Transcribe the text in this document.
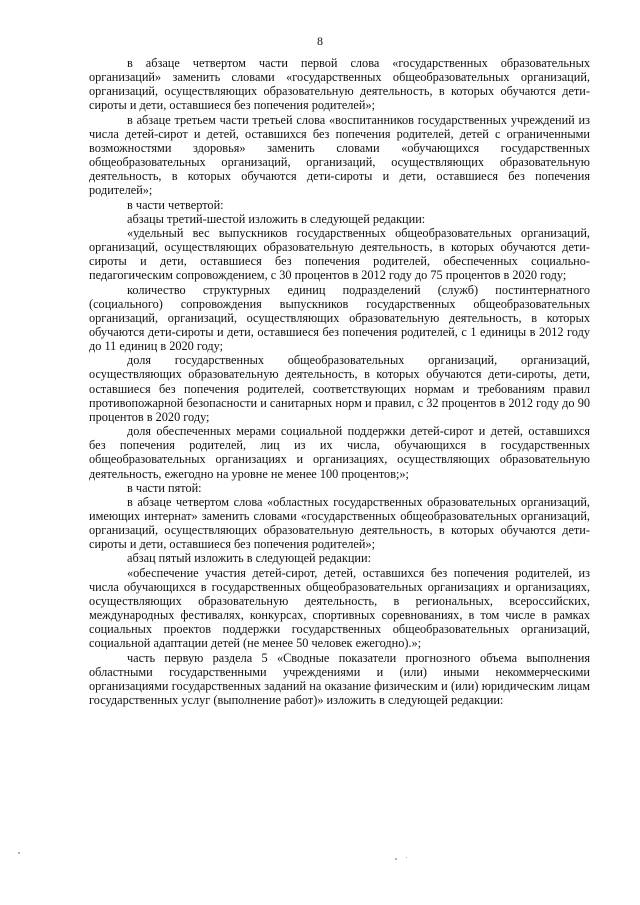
8

в абзаце четвертом части первой слова «государственных образовательных организаций» заменить словами «государственных общеобразовательных организаций, организаций, осуществляющих образовательную деятельность, в которых обучаются дети-сироты и дети, оставшиеся без попечения родителей»;

в абзаце третьем части третьей слова «воспитанников государственных учреждений из числа детей-сирот и детей, оставшихся без попечения родителей, детей с ограниченными возможностями здоровья» заменить словами «обучающихся государственных общеобразовательных организаций, организаций, осуществляющих образовательную деятельность, в которых обучаются дети-сироты и дети, оставшиеся без попечения родителей»;

в части четвертой:

абзацы третий-шестой изложить в следующей редакции:

«удельный вес выпускников государственных общеобразовательных организаций, организаций, осуществляющих образовательную деятельность, в которых обучаются дети-сироты и дети, оставшиеся без попечения родителей, обеспеченных социально-педагогическим сопровождением, с 30 процентов в 2012 году до 75 процентов в 2020 году;

количество структурных единиц подразделений (служб) постинтернатного (социального) сопровождения выпускников государственных общеобразовательных организаций, организаций, осуществляющих образовательную деятельность, в которых обучаются дети-сироты и дети, оставшиеся без попечения родителей, с 1 единицы в 2012 году до 11 единиц в 2020 году;

доля государственных общеобразовательных организаций, организаций, осуществляющих образовательную деятельность, в которых обучаются дети-сироты, дети, оставшиеся без попечения родителей, соответствующих нормам и требованиям правил противопожарной безопасности и санитарных норм и правил, с 32 процентов в 2012 году до 90 процентов в 2020 году;

доля обеспеченных мерами социальной поддержки детей-сирот и детей, оставшихся без попечения родителей, лиц из их числа, обучающихся в государственных общеобразовательных организациях и организациях, осуществляющих образовательную деятельность, ежегодно на уровне не менее 100 процентов;»;

в части пятой:

в абзаце четвертом слова «областных государственных образовательных организаций, имеющих интернат» заменить словами «государственных общеобразовательных организаций, организаций, осуществляющих образовательную деятельность, в которых обучаются дети-сироты и дети, оставшиеся без попечения родителей»;

абзац пятый изложить в следующей редакции:

«обеспечение участия детей-сирот, детей, оставшихся без попечения родителей, из числа обучающихся в государственных общеобразовательных организациях и организациях, осуществляющих образовательную деятельность, в региональных, всероссийских, международных фестивалях, конкурсах, спортивных соревнованиях, в том числе в рамках социальных проектов поддержки государственных общеобразовательных организаций, социальной адаптации детей (не менее 50 человек ежегодно).»;

часть первую раздела 5 «Сводные показатели прогнозного объема выполнения областными государственными учреждениями и (или) иными некоммерческими организациями государственных заданий на оказание физическим и (или) юридическим лицам государственных услуг (выполнение работ)» изложить в следующей редакции:
